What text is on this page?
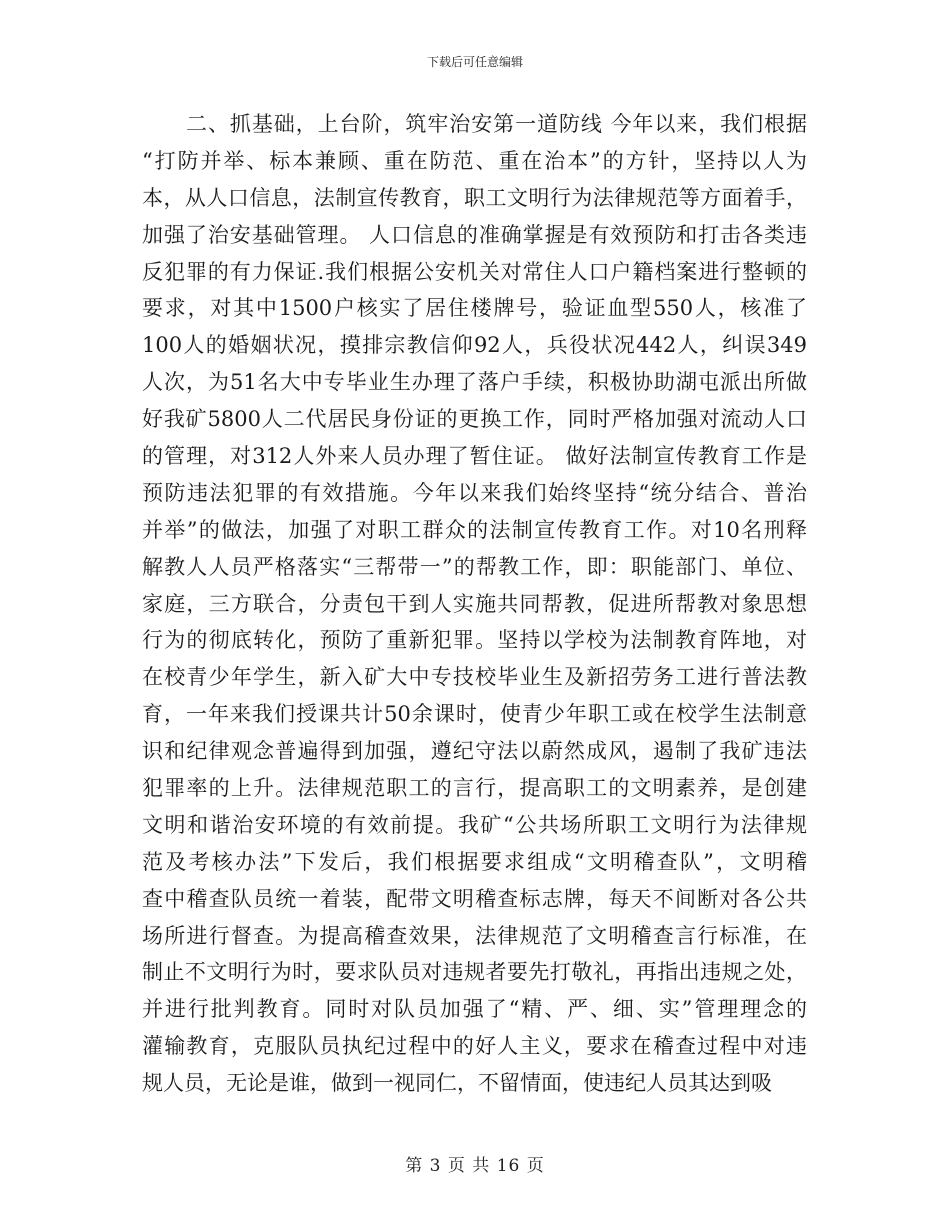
下载后可任意编辑
二、抓基础，上台阶，筑牢治安第一道防线 今年以来，我们根据
“打防并举、标本兼顾、重在防范、重在治本”的方针，坚持以人为
本，从人口信息，法制宣传教育，职工文明行为法律规范等方面着手，
加强了治安基础管理。 人口信息的准确掌握是有效预防和打击各类违
反犯罪的有力保证.我们根据公安机关对常住人口户籍档案进行整顿的
要求，对其中1500户核实了居住楼牌号，验证血型550人，核准了
100人的婚姻状况，摸排宗教信仰92人，兵役状况442人，纠误349
人次，为51名大中专毕业生办理了落户手续，积极协助湖屯派出所做
好我矿5800人二代居民身份证的更换工作，同时严格加强对流动人口
的管理，对312人外来人员办理了暂住证。 做好法制宣传教育工作是
预防违法犯罪的有效措施。今年以来我们始终坚持“统分结合、普治
并举”的做法，加强了对职工群众的法制宣传教育工作。对10名刑释
解教人人员严格落实“三帮带一”的帮教工作，即：职能部门、单位、
家庭，三方联合，分责包干到人实施共同帮教，促进所帮教对象思想
行为的彻底转化，预防了重新犯罪。坚持以学校为法制教育阵地，对
在校青少年学生，新入矿大中专技校毕业生及新招劳务工进行普法教
育，一年来我们授课共计50余课时，使青少年职工或在校学生法制意
识和纪律观念普遍得到加强，遵纪守法以蔚然成风，遏制了我矿违法
犯罪率的上升。法律规范职工的言行，提高职工的文明素养，是创建
文明和谐治安环境的有效前提。我矿“公共场所职工文明行为法律规
范及考核办法”下发后，我们根据要求组成“文明稽查队”，文明稽
查中稽查队员统一着装，配带文明稽查标志牌，每天不间断对各公共
场所进行督查。为提高稽查效果，法律规范了文明稽查言行标准，在
制止不文明行为时，要求队员对违规者要先打敬礼，再指出违规之处，
并进行批判教育。同时对队员加强了“精、严、细、实”管理理念的
灌输教育，克服队员执纪过程中的好人主义，要求在稽查过程中对违
规人员，无论是谁，做到一视同仁，不留情面，使违纪人员其达到吸
第 3 页 共 16 页
